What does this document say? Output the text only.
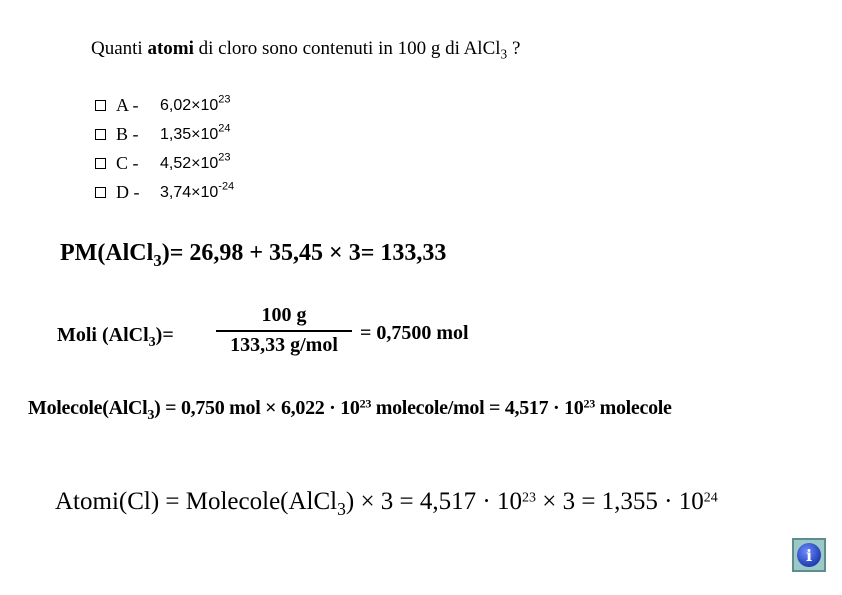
Quanti atomi di cloro sono contenuti in 100 g di AlCl$_3$ ?
A -	$6,02\times 10^{23}$
B -	$1,35\times 10^{24}$
C -	$4,52\times 10^{23}$
D -	$3,74\times 10^{-24}$
PM(AlCl$_3$)= 26,98 + 35,45 × 3= 133,33
Moli (AlCl$_3$)=
100 g
133,33 g/mol
= 0,7500 mol
Molecole(AlCl$_3$) = 0,750 mol × $6,022 \cdot 10^{23}$ molecole/mol = $4,517 \cdot 10^{23}$ molecole
Atomi(Cl) = Molecole(AlCl$_3$) × $3 = 4,517 \cdot 10^{23} \times 3 = 1,355 \cdot 10^{24}$
i
